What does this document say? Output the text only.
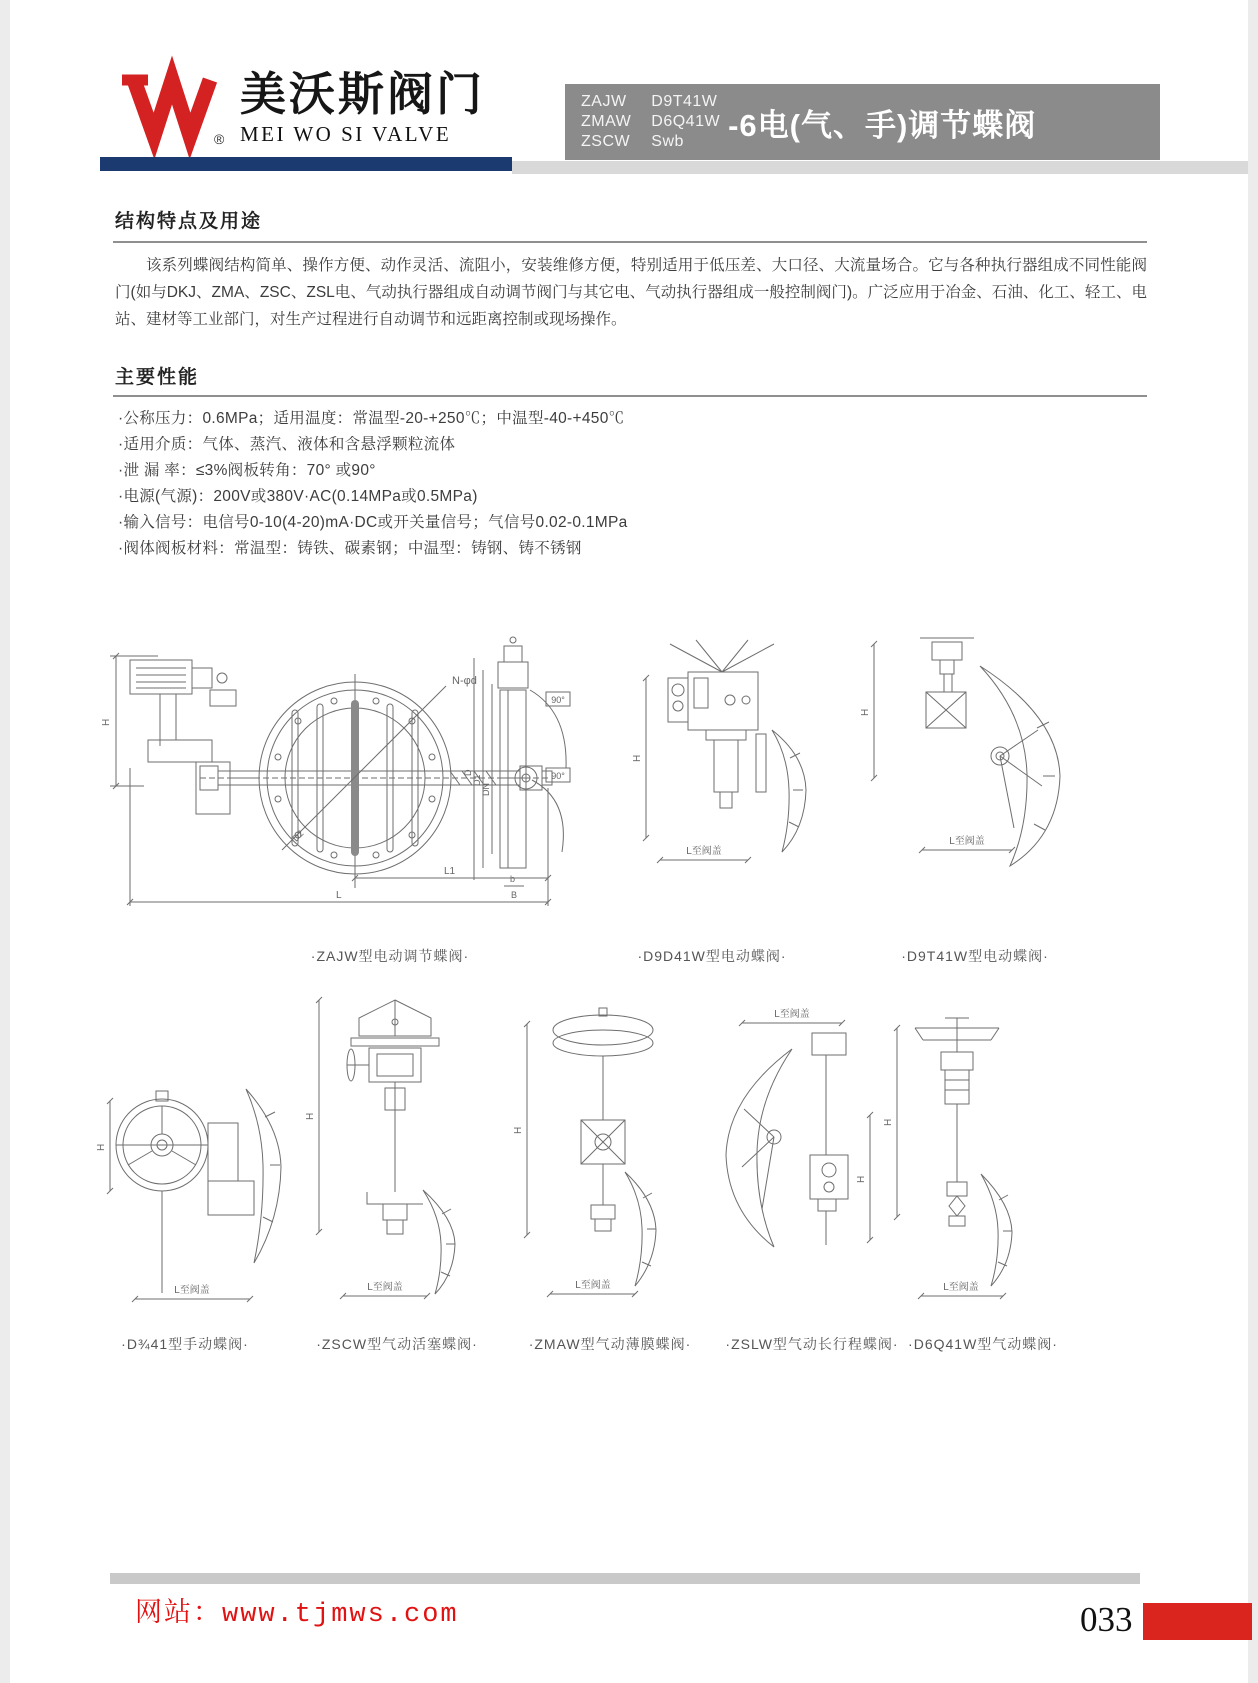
®
美沃斯阀门
MEI WO SI VALVE
ZAJW
ZMAW
ZSCW
D9T41W
D6Q41W
Swb	-6电(气、手)调节蝶阀
结构特点及用途
该系列蝶阀结构简单、操作方便、动作灵活、流阻小，安装维修方便，特别适用于低压差、大口径、大流量场合。它与各种执行器组成不同性能阀门(如与DKJ、ZMA、ZSC、ZSL电、气动执行器组成自动调节阀门与其它电、气动执行器组成一般控制阀门)。广泛应用于冶金、石油、化工、轻工、电站、建材等工业部门，对生产过程进行自动调节和远距离控制或现场操作。
主要性能
·公称压力：0.6MPa；适用温度：常温型-20-+250℃；中温型-40-+450℃
·适用介质：气体、蒸汽、液体和含悬浮颗粒流体
·泄 漏 率：≤3%阀板转角：70° 或90°
·电源(气源)：200V或380V·AC(0.14MPa或0.5MPa)
·输入信号：电信号0-10(4-20)mA·DC或开关量信号；气信号0.02-0.1MPa
·阀体阀板材料：常温型：铸铁、碳素钢；中温型：铸钢、铸不锈钢
H
N-φd
D2
L1
L
D
D1
DN
90°
90°
b
B
H
L至阀盖
H
L至阀盖
·ZAJW型电动调节蝶阀·	·D9D41W型电动蝶阀·	·D9T41W型电动蝶阀·
H
L至阀盖
H
L至阀盖
H
L至阀盖
L至阀盖
H
H
L至阀盖
·D¾41型手动蝶阀·	·ZSCW型气动活塞蝶阀·	·ZMAW型气动薄膜蝶阀·	·ZSLW型气动长行程蝶阀· ·D6Q41W型气动蝶阀·
网站：www.tjmws.com	033
